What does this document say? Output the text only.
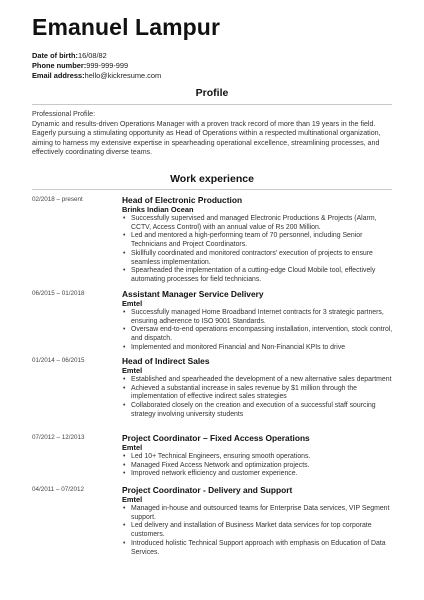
Emanuel Lampur
Date of birth:16/08/82
Phone number:999-999-999
Email address:hello@kickresume.com
Profile

Professional Profile:

Dynamic and results-driven Operations Manager with a proven track record of more than 19 years in the field. Eagerly pursuing a stimulating opportunity as Head of Operations within a respected multinational organization, aiming to harness my extensive expertise in spearheading operational excellence, streamlining processes, and effectively coordinating diverse teams.

Work experience
02/2018 – present	Head of Electronic Production
Brinks Indian Ocean
• Successfully supervised and managed Electronic Productions & Projects (Alarm, CCTV, Access Control) with an annual value of Rs 200 Million.
• Led and mentored a high-performing team of 70 personnel, including Senior Technicians and Project Coordinators.
• Skillfully coordinated and monitored contractors' execution of projects to ensure seamless implementation.
• Spearheaded the implementation of a cutting-edge Cloud Mobile tool, effectively automating processes for field technicians.
06/2015 – 01/2018	Assistant Manager Service Delivery
Emtel
• Successfully managed Home Broadband Internet contracts for 3 strategic partners, ensuring adherence to ISO 9001 Standards.
• Oversaw end-to-end operations encompassing installation, intervention, stock control, and dispatch.
• Implemented and monitored Financial and Non-Financial KPIs to drive
01/2014 – 06/2015	Head of Indirect Sales
Emtel
• Established and spearheaded the development of a new alternative sales department
• Achieved a substantial increase in sales revenue by $1 million through the implementation of effective indirect sales strategies
• Collaborated closely on the creation and execution of a successful staff sourcing strategy involving university students
07/2012 – 12/2013	Project Coordinator – Fixed Access Operations
Emtel
• Led 10+ Technical Engineers, ensuring smooth operations.
• Managed Fixed Access Network and optimization projects.
• Improved network efficiency and customer experience.
04/2011 – 07/2012	Project Coordinator - Delivery and Support
Emtel
• Managed in-house and outsourced teams for Enterprise Data services, VIP Segment support.
• Led delivery and installation of Business Market data services for top corporate customers.
• Introduced holistic Technical Support approach with emphasis on Education of Data Services.
